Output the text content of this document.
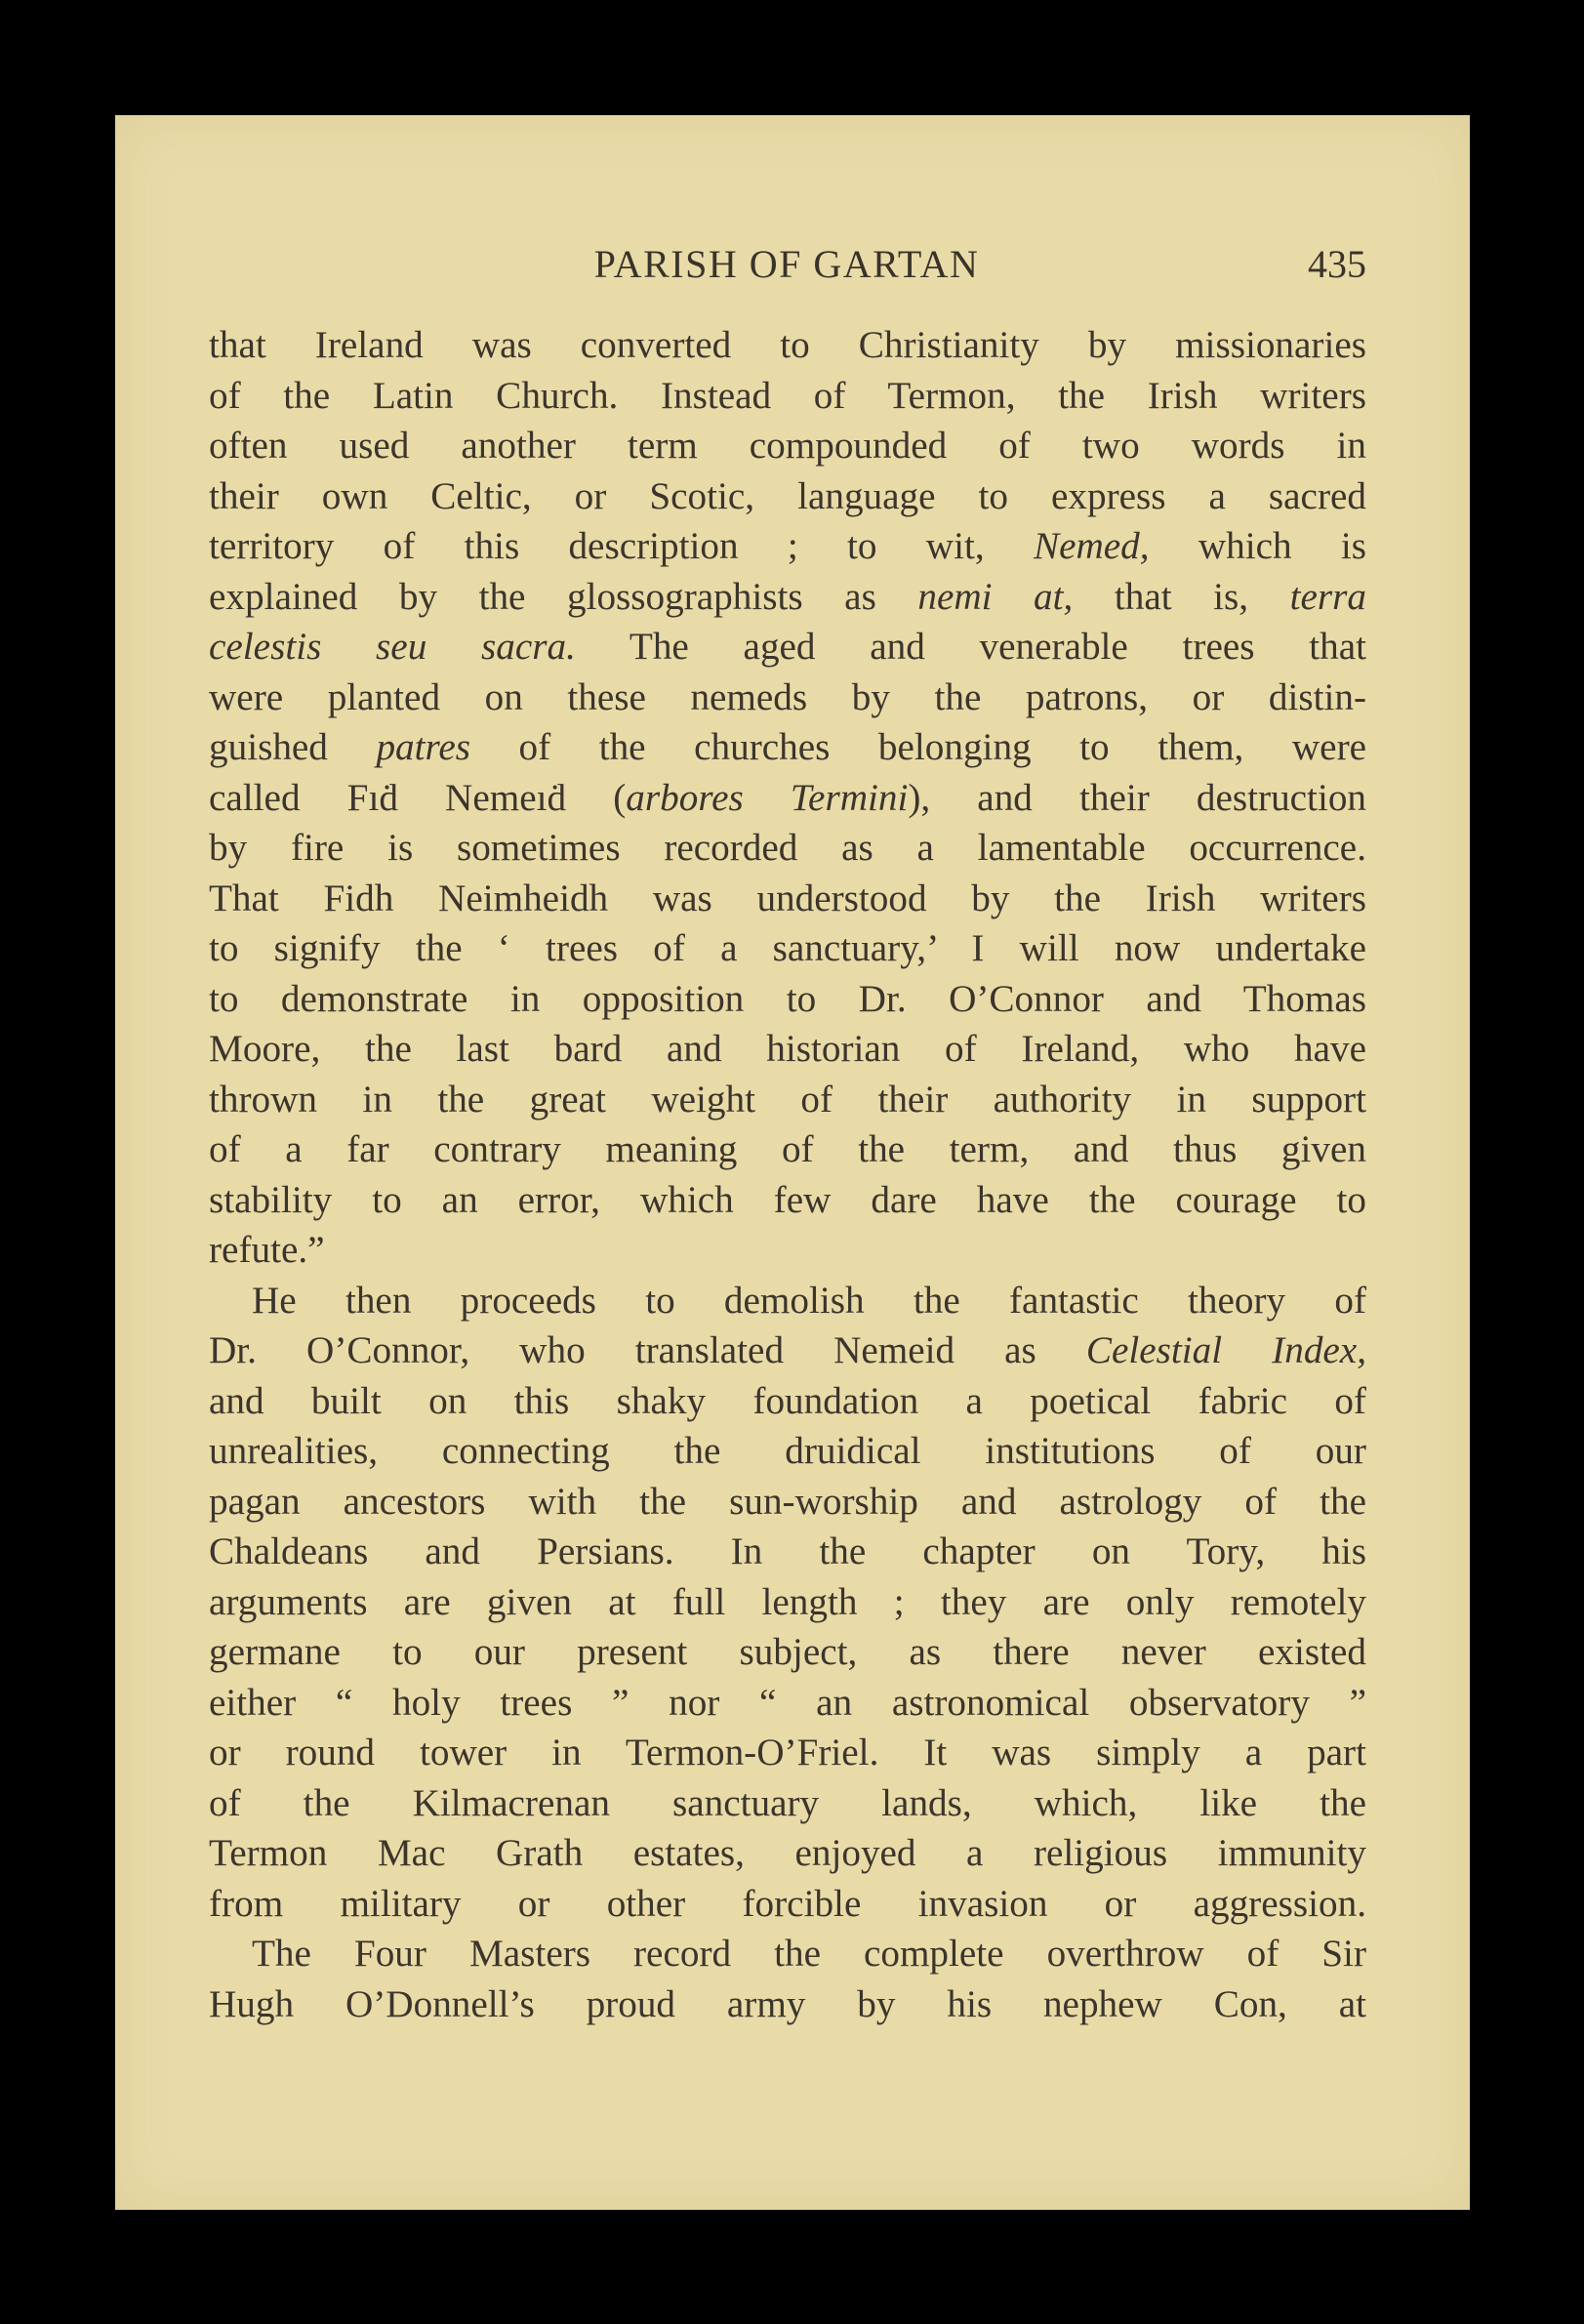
PARISH OF GARTAN	435
that Ireland was converted to Christianity by missionaries
of the Latin Church. Instead of Termon, the Irish writers
often used another term compounded of two words in
their own Celtic, or Scotic, language to express a sacred
territory of this description ; to wit, Nemed, which is
explained by the glossographists as nemi at, that is, terra
celestis seu sacra. The aged and venerable trees that
were planted on these nemeds by the patrons, or distin-
guished patres of the churches belonging to them, were
called Fıḋ Nemeıḋ (arbores Termini), and their destruction
by fire is sometimes recorded as a lamentable occurrence.
That Fidh Neimheidh was understood by the Irish writers
to signify the ‘ trees of a sanctuary,’ I will now undertake
to demonstrate in opposition to Dr. O’Connor and Thomas
Moore, the last bard and historian of Ireland, who have
thrown in the great weight of their authority in support
of a far contrary meaning of the term, and thus given
stability to an error, which few dare have the courage to
refute.”
He then proceeds to demolish the fantastic theory of
Dr. O’Connor, who translated Nemeid as Celestial Index,
and built on this shaky foundation a poetical fabric of
unrealities, connecting the druidical institutions of our
pagan ancestors with the sun-worship and astrology of the
Chaldeans and Persians. In the chapter on Tory, his
arguments are given at full length ; they are only remotely
germane to our present subject, as there never existed
either “ holy trees ” nor “ an astronomical observatory ”
or round tower in Termon-O’Friel. It was simply a part
of the Kilmacrenan sanctuary lands, which, like the
Termon Mac Grath estates, enjoyed a religious immunity
from military or other forcible invasion or aggression.
The Four Masters record the complete overthrow of Sir
Hugh O’Donnell’s proud army by his nephew Con, at
